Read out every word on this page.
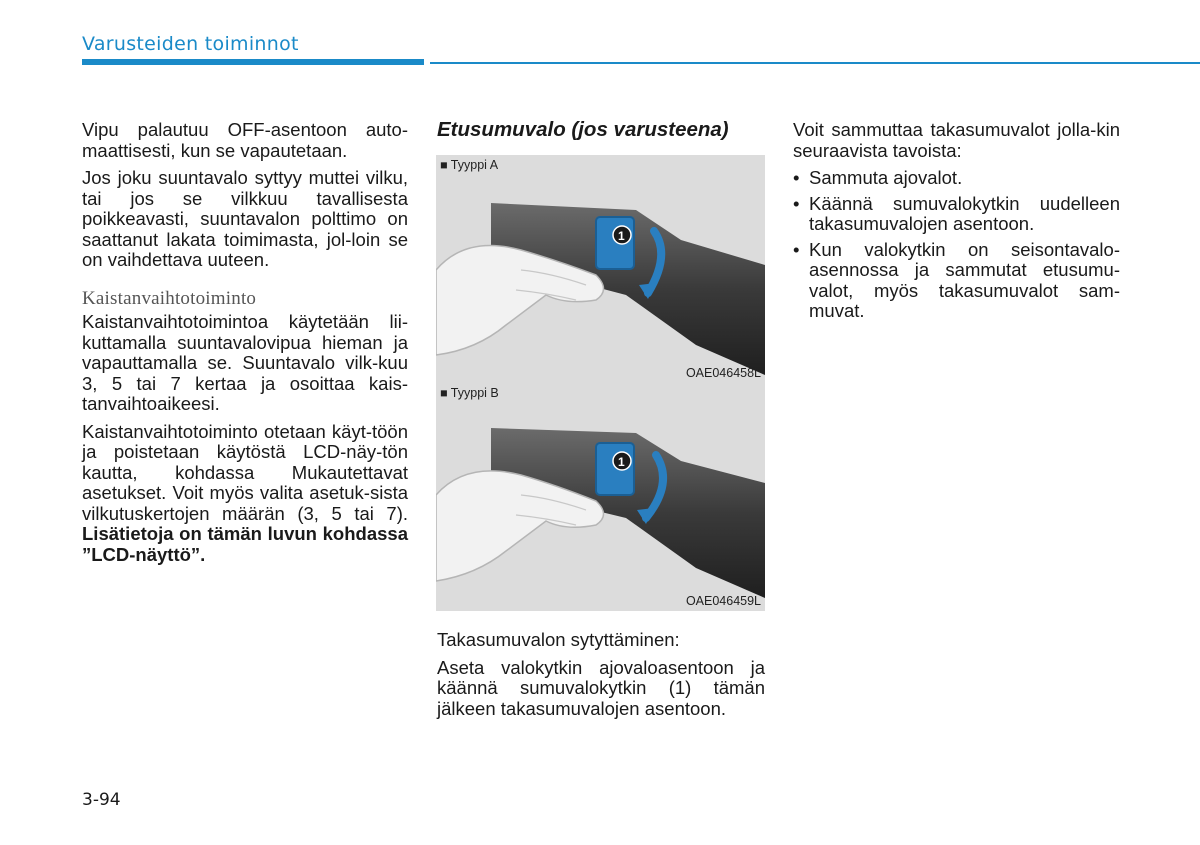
Varusteiden toiminnot

Vipu palautuu OFF-asentoon auto-maattisesti, kun se vapautetaan.

Jos joku suuntavalo syttyy muttei vilku, tai jos se vilkkuu tavallisesta poikkeavasti, suuntavalon polttimo on saattanut lakata toimimasta, jol-loin se on vaihdettava uuteen.

Kaistanvaihtotoiminto

Kaistanvaihtotoimintoa käytetään lii-kuttamalla suuntavalovipua hieman ja vapauttamalla se. Suuntavalo vilk-kuu 3, 5 tai 7 kertaa ja osoittaa kais-tanvaihtoaikeesi.

Kaistanvaihtotoiminto otetaan käyt-töön ja poistetaan käytöstä LCD-näy-tön kautta, kohdassa Mukautettavat asetukset. Voit myös valita asetuk-sista vilkutuskertojen määrän (3, 5 tai 7). Lisätietoja on tämän luvun kohdassa ”LCD-näyttö”.

Etusumuvalo (jos varusteena)
■ Tyyppi A
1
OAE046458L
■ Tyyppi B
1
OAE046459L

Takasumuvalon sytyttäminen:

Aseta valokytkin ajovaloasentoon ja käännä sumuvalokytkin (1) tämän jälkeen takasumuvalojen asentoon.

Voit sammuttaa takasumuvalot jolla-kin seuraavista tavoista:

• Sammuta ajovalot.
• Käännä sumuvalokytkin uudelleen takasumuvalojen asentoon.
• Kun valokytkin on seisontavalo-asennossa ja sammutat etusumu-valot, myös takasumuvalot sam-muvat.
3-94
